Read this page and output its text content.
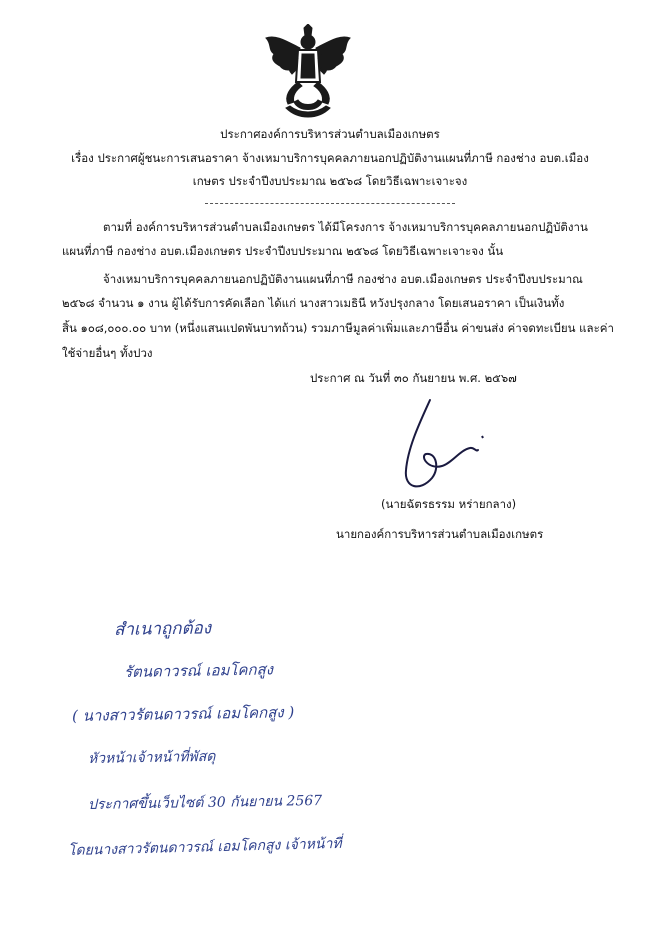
ประกาศองค์การบริหารส่วนตำบลเมืองเกษตร
เรื่อง ประกาศผู้ชนะการเสนอราคา จ้างเหมาบริการบุคคลภายนอกปฏิบัติงานแผนที่ภาษี กองช่าง อบต.เมือง
เกษตร ประจำปีงบประมาณ ๒๕๖๘ โดยวิธีเฉพาะเจาะจง
ตามที่ องค์การบริหารส่วนตำบลเมืองเกษตร ได้มีโครงการ จ้างเหมาบริการบุคคลภายนอกปฏิบัติงาน
แผนที่ภาษี กองช่าง อบต.เมืองเกษตร ประจำปีงบประมาณ ๒๕๖๘ โดยวิธีเฉพาะเจาะจง นั้น
จ้างเหมาบริการบุคคลภายนอกปฏิบัติงานแผนที่ภาษี กองช่าง อบต.เมืองเกษตร ประจำปีงบประมาณ
๒๕๖๘ จำนวน ๑ งาน ผู้ได้รับการคัดเลือก ได้แก่ นางสาวเมธินี หวังปรุงกลาง โดยเสนอราคา เป็นเงินทั้ง
สิ้น ๑๐๘,๐๐๐.๐๐ บาท (หนึ่งแสนแปดพันบาทถ้วน) รวมภาษีมูลค่าเพิ่มและภาษีอื่น ค่าขนส่ง ค่าจดทะเบียน และค่า
ใช้จ่ายอื่นๆ ทั้งปวง
ประกาศ ณ วันที่ ๓๐ กันยายน พ.ศ. ๒๕๖๗
(นายฉัตรธรรม หร่ายกลาง)
นายกองค์การบริหารส่วนตำบลเมืองเกษตร
สำเนาถูกต้อง
รัตนดาวรณ์ เอมโคกสูง
( นางสาวรัตนดาวรณ์ เอมโคกสูง )
หัวหน้าเจ้าหน้าที่พัสดุ
ประกาศขึ้นเว็บไซต์ 30 กันยายน 2567
โดยนางสาวรัตนดาวรณ์ เอมโคกสูง เจ้าหน้าที่
